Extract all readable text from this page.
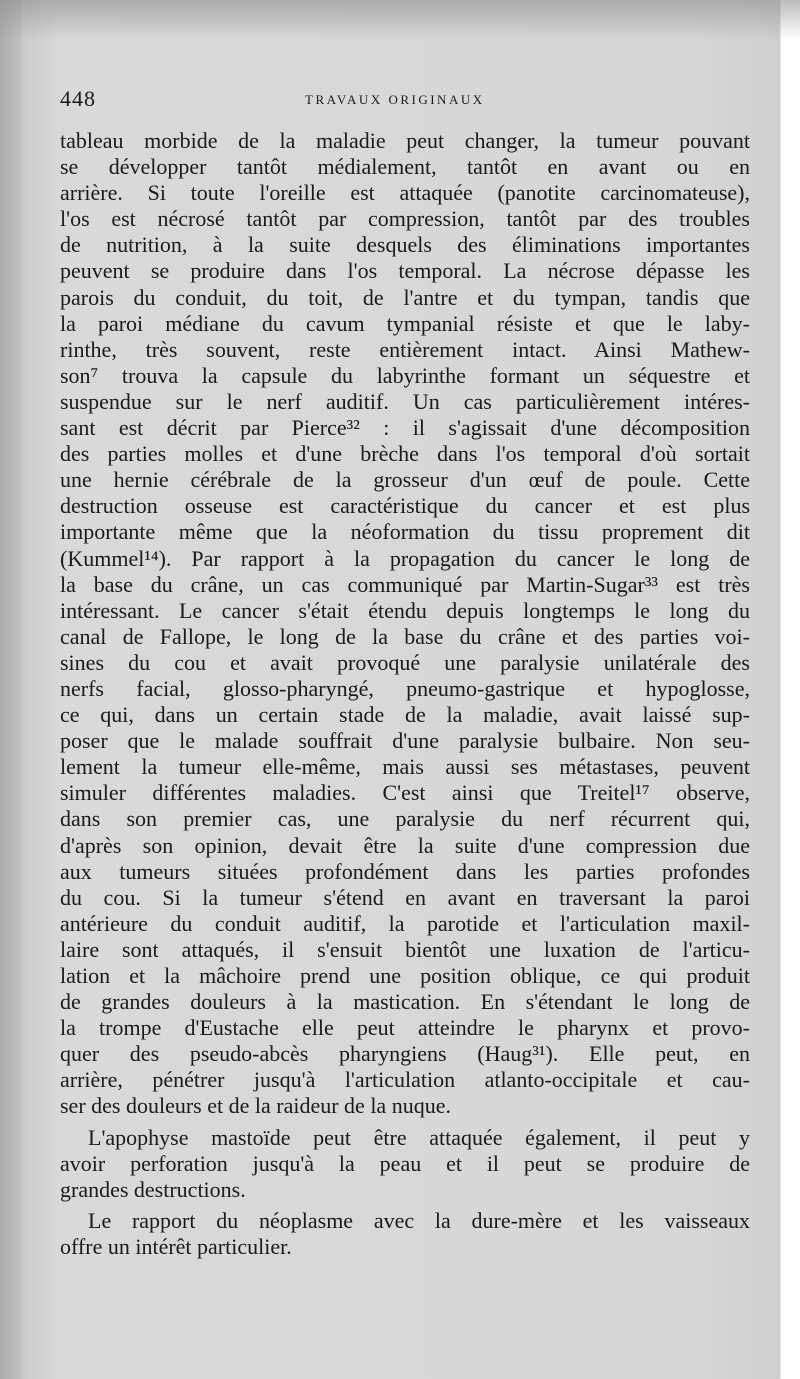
448	TRAVAUX ORIGINAUX
tableau morbide de la maladie peut changer, la tumeur pouvant
se développer tantôt médialement, tantôt en avant ou en
arrière. Si toute l'oreille est attaquée (panotite carcinomateuse),
l'os est nécrosé tantôt par compression, tantôt par des troubles
de nutrition, à la suite desquels des éliminations importantes
peuvent se produire dans l'os temporal. La nécrose dépasse les
parois du conduit, du toit, de l'antre et du tympan, tandis que
la paroi médiane du cavum tympanial résiste et que le laby-
rinthe, très souvent, reste entièrement intact. Ainsi Mathew-
son⁷ trouva la capsule du labyrinthe formant un séquestre et
suspendue sur le nerf auditif. Un cas particulièrement intéres-
sant est décrit par Pierce³² : il s'agissait d'une décomposition
des parties molles et d'une brèche dans l'os temporal d'où sortait
une hernie cérébrale de la grosseur d'un œuf de poule. Cette
destruction osseuse est caractéristique du cancer et est plus
importante même que la néoformation du tissu proprement dit
(Kummel¹⁴). Par rapport à la propagation du cancer le long de
la base du crâne, un cas communiqué par Martin-Sugar³³ est très
intéressant. Le cancer s'était étendu depuis longtemps le long du
canal de Fallope, le long de la base du crâne et des parties voi-
sines du cou et avait provoqué une paralysie unilatérale des
nerfs facial, glosso-pharyngé, pneumo-gastrique et hypoglosse,
ce qui, dans un certain stade de la maladie, avait laissé sup-
poser que le malade souffrait d'une paralysie bulbaire. Non seu-
lement la tumeur elle-même, mais aussi ses métastases, peuvent
simuler différentes maladies. C'est ainsi que Treitel¹⁷ observe,
dans son premier cas, une paralysie du nerf récurrent qui,
d'après son opinion, devait être la suite d'une compression due
aux tumeurs situées profondément dans les parties profondes
du cou. Si la tumeur s'étend en avant en traversant la paroi
antérieure du conduit auditif, la parotide et l'articulation maxil-
laire sont attaqués, il s'ensuit bientôt une luxation de l'articu-
lation et la mâchoire prend une position oblique, ce qui produit
de grandes douleurs à la mastication. En s'étendant le long de
la trompe d'Eustache elle peut atteindre le pharynx et provo-
quer des pseudo-abcès pharyngiens (Haug³¹). Elle peut, en
arrière, pénétrer jusqu'à l'articulation atlanto-occipitale et cau-
ser des douleurs et de la raideur de la nuque.
L'apophyse mastoïde peut être attaquée également, il peut y
avoir perforation jusqu'à la peau et il peut se produire de
grandes destructions.
Le rapport du néoplasme avec la dure-mère et les vaisseaux
offre un intérêt particulier.
